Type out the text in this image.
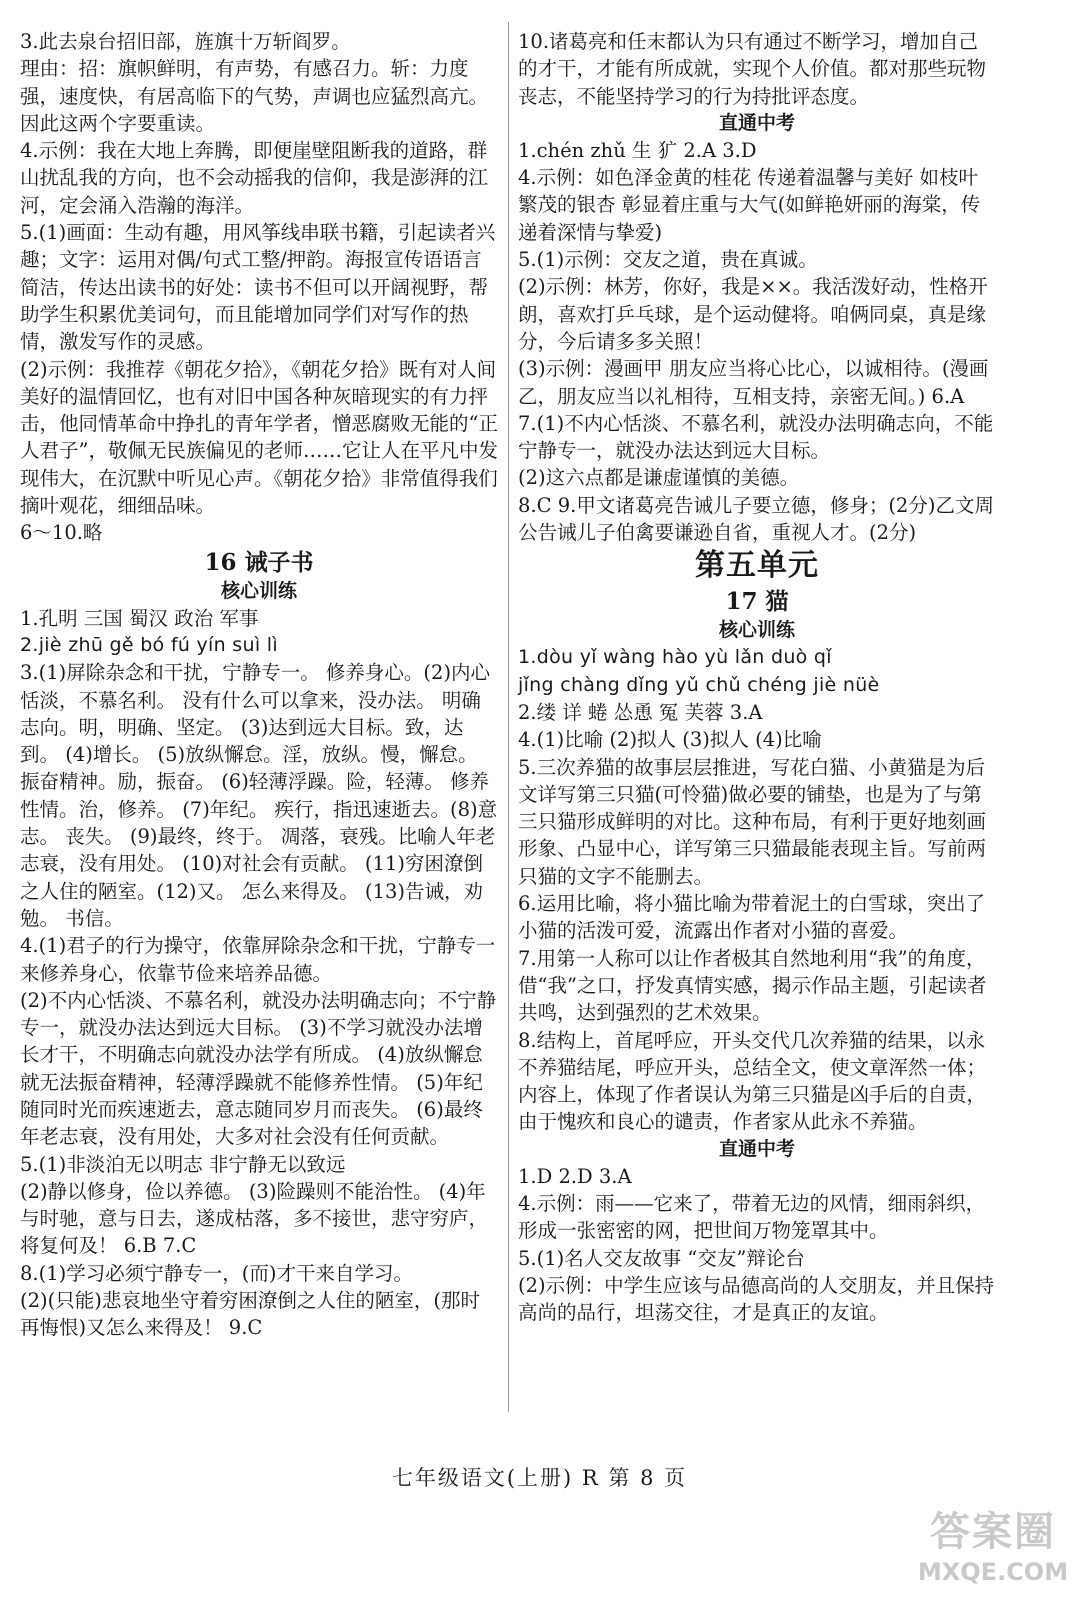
3.此去泉台招旧部，旌旗十万斩阎罗。

理由：招：旗帜鲜明，有声势，有感召力。斩：力度强，速度快，有居高临下的气势，声调也应猛烈高亢。因此这两个字要重读。

4.示例：我在大地上奔腾，即便崖壁阻断我的道路，群山扰乱我的方向，也不会动摇我的信仰，我是澎湃的江河，定会涌入浩瀚的海洋。

5.(1)画面：生动有趣，用风筝线串联书籍，引起读者兴趣；文字：运用对偶/句式工整/押韵。海报宣传语语言简洁，传达出读书的好处：读书不但可以开阔视野，帮助学生积累优美词句，而且能增加同学们对写作的热情，激发写作的灵感。

(2)示例：我推荐《朝花夕拾》，《朝花夕拾》既有对人间美好的温情回忆，也有对旧中国各种灰暗现实的有力抨击，他同情革命中挣扎的青年学者，憎恶腐败无能的“正人君子”，敬佩无民族偏见的老师……它让人在平凡中发现伟大，在沉默中听见心声。《朝花夕拾》非常值得我们摘叶观花，细细品味。

6～10.略

16 诫子书

核心训练

1.孔明 三国 蜀汉 政治 军事

2.jiè zhū gě bó fú yín suì lì

3.(1)屏除杂念和干扰，宁静专一。 修养身心。(2)内心恬淡，不慕名利。 没有什么可以拿来，没办法。 明确志向。明，明确、坚定。 (3)达到远大目标。致，达到。 (4)增长。 (5)放纵懈怠。淫，放纵。慢，懈怠。 振奋精神。励，振奋。 (6)轻薄浮躁。险，轻薄。 修养性情。治，修养。 (7)年纪。 疾行，指迅速逝去。(8)意志。 丧失。 (9)最终，终于。 凋落，衰残。比喻人年老志衰，没有用处。 (10)对社会有贡献。 (11)穷困潦倒之人住的陋室。(12)又。 怎么来得及。 (13)告诫，劝勉。 书信。

4.(1)君子的行为操守，依靠屏除杂念和干扰，宁静专一来修养身心，依靠节俭来培养品德。

(2)不内心恬淡、不慕名利，就没办法明确志向；不宁静专一，就没办法达到远大目标。 (3)不学习就没办法增长才干，不明确志向就没办法学有所成。 (4)放纵懈怠就无法振奋精神，轻薄浮躁就不能修养性情。 (5)年纪随同时光而疾速逝去，意志随同岁月而丧失。 (6)最终年老志衰，没有用处，大多对社会没有任何贡献。

5.(1)非淡泊无以明志 非宁静无以致远

(2)静以修身，俭以养德。 (3)险躁则不能治性。 (4)年与时驰，意与日去，遂成枯落，多不接世，悲守穷庐，将复何及！ 6.B 7.C

8.(1)学习必须宁静专一，(而)才干来自学习。

(2)(只能)悲哀地坐守着穷困潦倒之人住的陋室，(那时再悔恨)又怎么来得及！ 9.C

10.诸葛亮和任末都认为只有通过不断学习，增加自己的才干，才能有所成就，实现个人价值。都对那些玩物丧志，不能坚持学习的行为持批评态度。

直通中考

1.chén zhǔ 生 犷 2.A 3.D

4.示例：如色泽金黄的桂花 传递着温馨与美好 如枝叶繁茂的银杏 彰显着庄重与大气(如鲜艳妍丽的海棠，传递着深情与挚爱)

5.(1)示例：交友之道，贵在真诚。

(2)示例：林芳，你好，我是××。我活泼好动，性格开朗，喜欢打乒乓球，是个运动健将。咱俩同桌，真是缘分，今后请多多关照！

(3)示例：漫画甲 朋友应当将心比心，以诚相待。(漫画乙，朋友应当以礼相待，互相支持，亲密无间。) 6.A

7.(1)不内心恬淡、不慕名利，就没办法明确志向，不能宁静专一，就没办法达到远大目标。

(2)这六点都是谦虚谨慎的美德。

8.C 9.甲文诸葛亮告诫儿子要立德，修身；(2分)乙文周公告诫儿子伯禽要谦逊自省，重视人才。(2分)

第五单元

17 猫

核心训练

1.dòu yǐ wàng hào yù lǎn duò qǐ

jǐng chàng dǐng yǔ chǔ chéng jiè nüè

2.缕 详 蜷 怂恿 冤 芙蓉 3.A

4.(1)比喻 (2)拟人 (3)拟人 (4)比喻

5.三次养猫的故事层层推进，写花白猫、小黄猫是为后文详写第三只猫(可怜猫)做必要的铺垫，也是为了与第三只猫形成鲜明的对比。这种布局，有利于更好地刻画形象、凸显中心，详写第三只猫最能表现主旨。写前两只猫的文字不能删去。

6.运用比喻，将小猫比喻为带着泥土的白雪球，突出了小猫的活泼可爱，流露出作者对小猫的喜爱。

7.用第一人称可以让作者极其自然地利用“我”的角度，借“我”之口，抒发真情实感，揭示作品主题，引起读者共鸣，达到强烈的艺术效果。

8.结构上，首尾呼应，开头交代几次养猫的结果，以永不养猫结尾，呼应开头，总结全文，使文章浑然一体；内容上，体现了作者误认为第三只猫是凶手后的自责，由于愧疚和良心的谴责，作者家从此永不养猫。

直通中考

1.D 2.D 3.A

4.示例：雨——它来了，带着无边的风情，细雨斜织，形成一张密密的网，把世间万物笼罩其中。

5.(1)名人交友故事 “交友”辩论台

(2)示例：中学生应该与品德高尚的人交朋友，并且保持高尚的品行，坦荡交往，才是真正的友谊。

七年级语文(上册) R 第 8 页
答案圈
MXQE.COM
